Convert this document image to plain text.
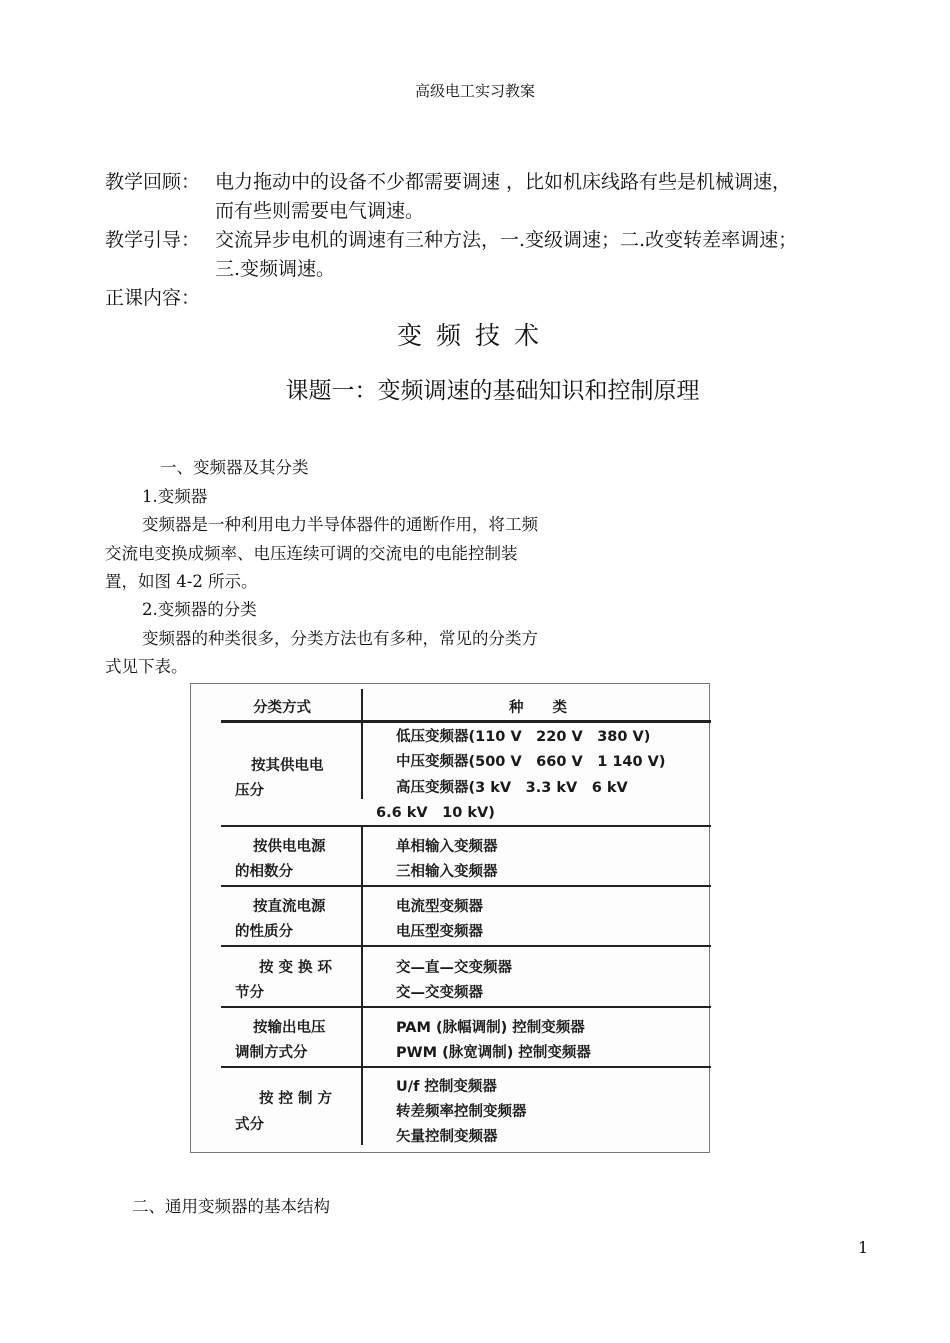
高级电工实习教案
教学回顾： 电力拖动中的设备不少都需要调速 ，比如机床线路有些是机械调速，
而有些则需要电气调速。
教学引导： 交流异步电机的调速有三种方法，一.变级调速；二.改变转差率调速；
三.变频调速。
正课内容：
变频技术
课题一：变频调速的基础知识和控制原理
一、变频器及其分类
1.变频器
变频器是一种利用电力半导体器件的通断作用，将工频
交流电变换成频率、电压连续可调的交流电的电能控制装
置，如图 4-2 所示。
2.变频器的分类
变频器的种类很多，分类方法也有多种，常见的分类方
式见下表。
分类方式	种　　类
按其供电电
压分
低压变频器(110 V　220 V　380 V)
中压变频器(500 V　660 V　1 140 V)
高压变频器(3 kV　3.3 kV　6 kV
6.6 kV　10 kV)
按供电电源
的相数分
单相输入变频器
三相输入变频器
按直流电源
的性质分
电流型变频器
电压型变频器
按变换环
节分
交—直—交变频器
交—交变频器
按输出电压
调制方式分
PAM (脉幅调制) 控制变频器
PWM (脉宽调制) 控制变频器
按控制方
式分
U/f 控制变频器
转差频率控制变频器
矢量控制变频器
二、通用变频器的基本结构
1
